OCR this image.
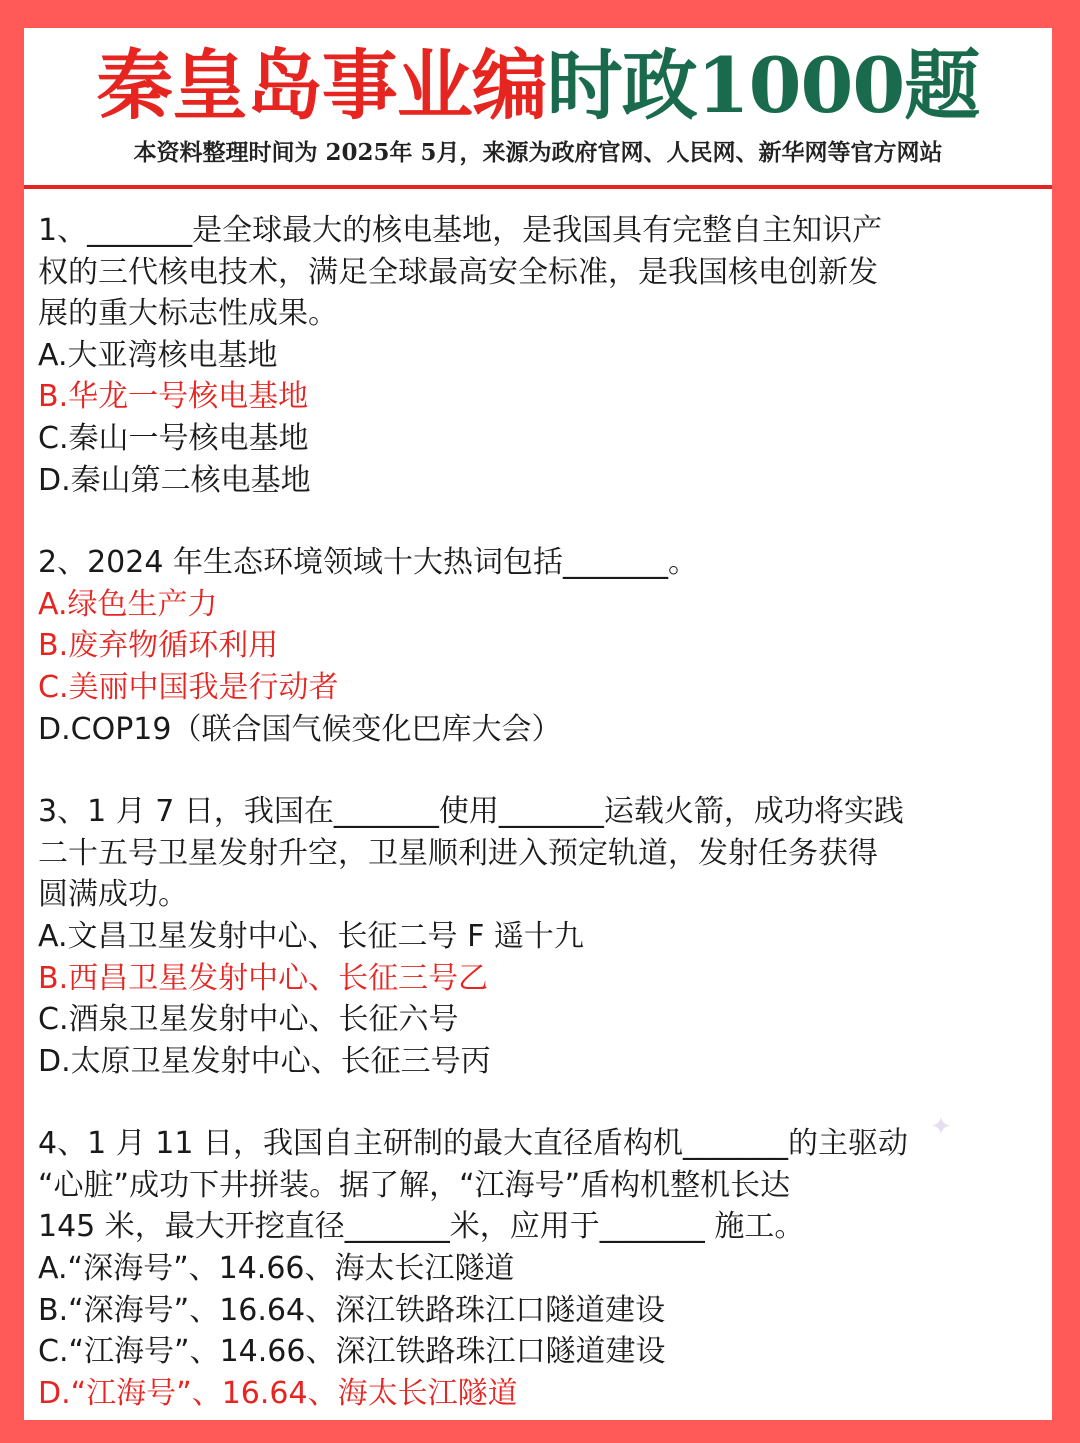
秦皇岛事业编时政1000题
本资料整理时间为 2025年 5月，来源为政府官网、人民网、新华网等官方网站
1、_______是全球最大的核电基地，是我国具有完整自主知识产
权的三代核电技术，满足全球最高安全标准，是我国核电创新发
展的重大标志性成果。
A.大亚湾核电基地
B.华龙一号核电基地
C.秦山一号核电基地
D.秦山第二核电基地
2、2024 年生态环境领域十大热词包括_______。
A.绿色生产力
B.废弃物循环利用
C.美丽中国我是行动者
D.COP19（联合国气候变化巴库大会）
3、1 月 7 日，我国在_______使用_______运载火箭，成功将实践
二十五号卫星发射升空，卫星顺利进入预定轨道，发射任务获得
圆满成功。
A.文昌卫星发射中心、长征二号 F 遥十九
B.西昌卫星发射中心、长征三号乙
C.酒泉卫星发射中心、长征六号
D.太原卫星发射中心、长征三号丙
4、1 月 11 日，我国自主研制的最大直径盾构机_______的主驱动
“心脏”成功下井拼装。据了解，“江海号”盾构机整机长达
145 米，最大开挖直径_______米，应用于_______ 施工。
A.“深海号”、14.66、海太长江隧道
B.“深海号”、16.64、深江铁路珠江口隧道建设
C.“江海号”、14.66、深江铁路珠江口隧道建设
D.“江海号”、16.64、海太长江隧道
✦
